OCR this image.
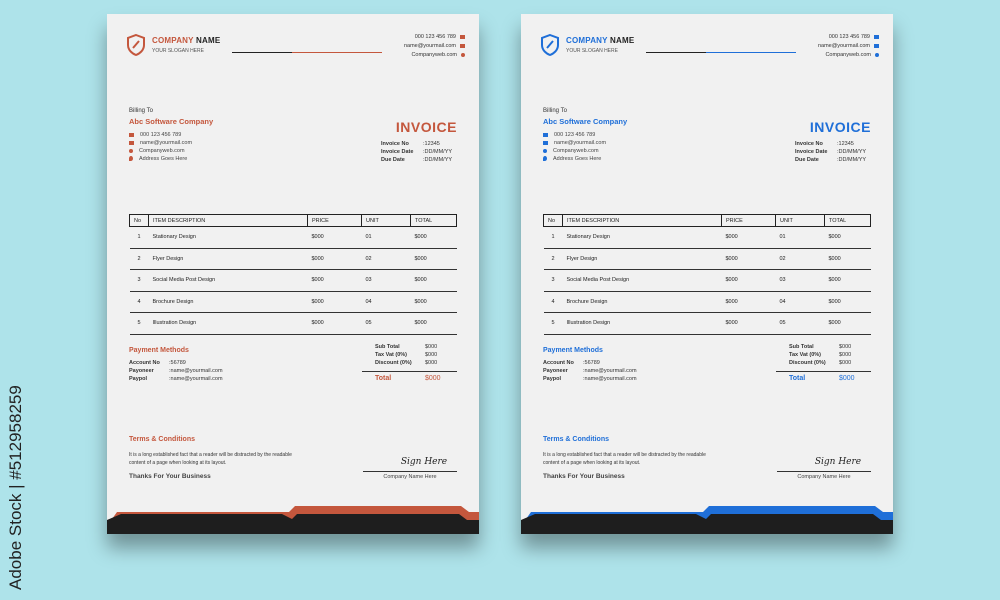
Adobe Stock | #512958259
COMPANY NAME
YOUR SLOGAN HERE
000 123 456 789
name@yourmail.com
Companyweb.com
Billing To
Abc Software Company
000 123 456 789
name@yourmail.com
Companyweb.com
Address Goes Here
INVOICE
Invoice No	:12345
Invoice Date :DD/MM/YY
Due Date	:DD/MM/YY
No	ITEM DESCRIPTION	PRICE	UNIT	TOTAL
1	Stationary Design	$000	01	$000
2	Flyer Design	$000	02	$000
3	Social Media Post Design	$000	03	$000
4	Brochure Design	$000	04	$000
5	Illustration Design	$000	05	$000
Payment Methods
Account No :56789
Payoneer	:name@yourmail.com
Paypol	:name@yourmail.com
Sub Total	$000
Tax Vat (0%)	$000
Discount (0%) $000
Total	$000
Terms & Conditions
It is a long established fact that a reader will be distracted by the readable content of a page when looking at its layout.
Thanks For Your Business
Sign Here
Company Name Here
COMPANY NAME
YOUR SLOGAN HERE
000 123 456 789
name@yourmail.com
Companyweb.com
Billing To
Abc Software Company
000 123 456 789
name@yourmail.com
Companyweb.com
Address Goes Here
INVOICE
Invoice No	:12345
Invoice Date :DD/MM/YY
Due Date	:DD/MM/YY
No	ITEM DESCRIPTION	PRICE	UNIT	TOTAL
1	Stationary Design	$000	01	$000
2	Flyer Design	$000	02	$000
3	Social Media Post Design	$000	03	$000
4	Brochure Design	$000	04	$000
5	Illustration Design	$000	05	$000
Payment Methods
Account No :56789
Payoneer	:name@yourmail.com
Paypol	:name@yourmail.com
Sub Total	$000
Tax Vat (0%)	$000
Discount (0%) $000
Total	$000
Terms & Conditions
It is a long established fact that a reader will be distracted by the readable content of a page when looking at its layout.
Thanks For Your Business
Sign Here
Company Name Here
